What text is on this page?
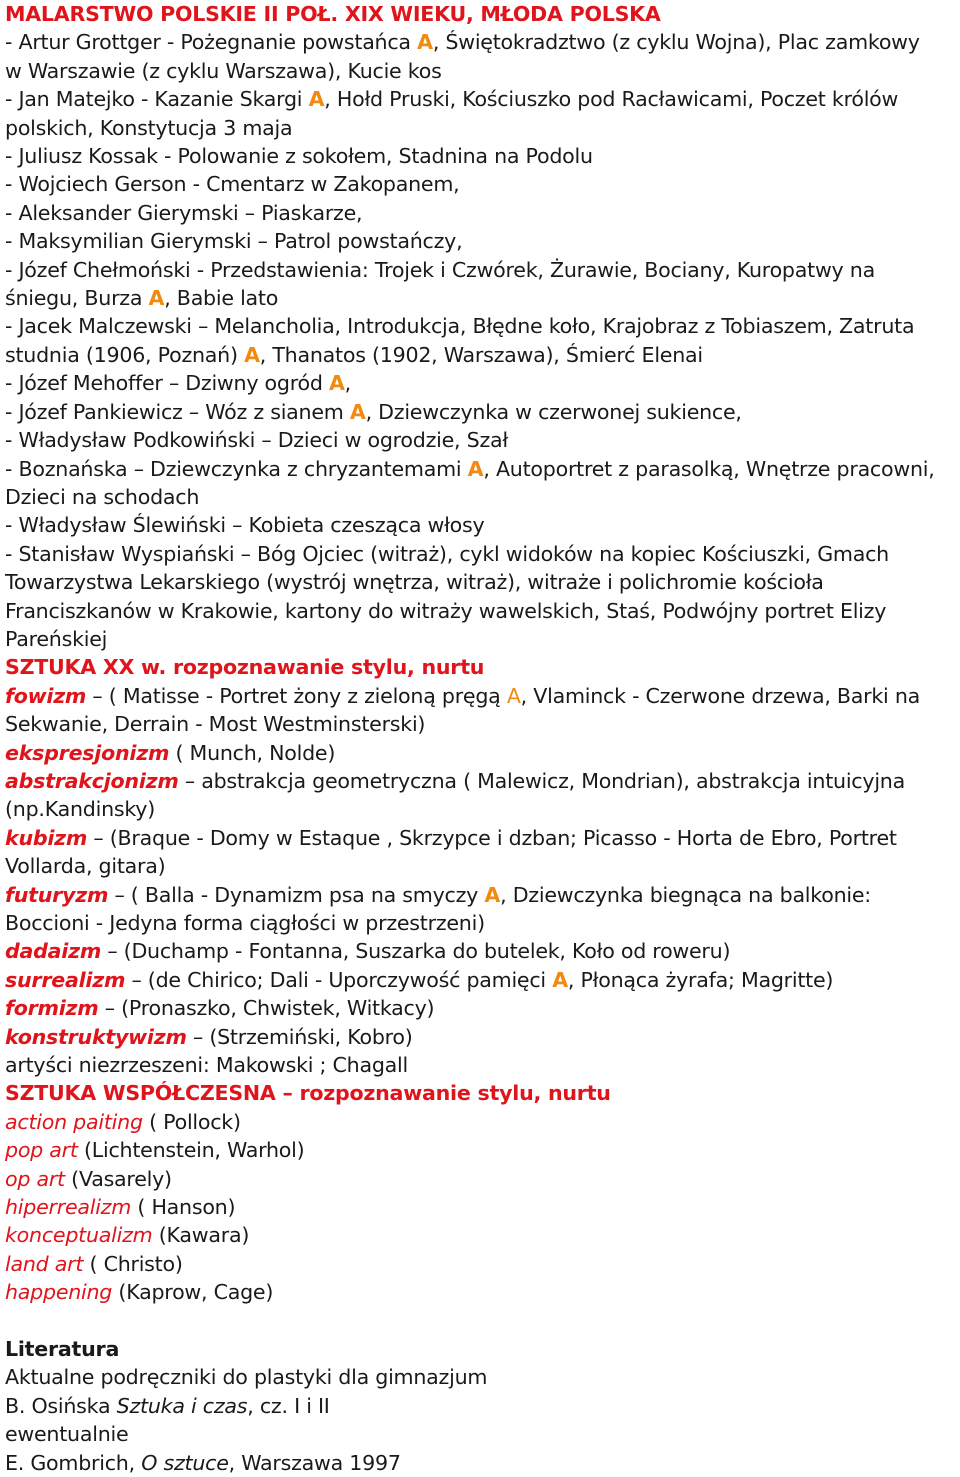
MALARSTWO POLSKIE II POŁ. XIX WIEKU, MŁODA POLSKA
- Artur Grottger - Pożegnanie powstańca A, Świętokradztwo (z cyklu Wojna), Plac zamkowy
w Warszawie (z cyklu Warszawa), Kucie kos
- Jan Matejko - Kazanie Skargi A, Hołd Pruski, Kościuszko pod Racławicami, Poczet królów
polskich, Konstytucja 3 maja
- Juliusz Kossak - Polowanie z sokołem, Stadnina na Podolu
- Wojciech Gerson - Cmentarz w Zakopanem,
- Aleksander Gierymski – Piaskarze,
- Maksymilian Gierymski – Patrol powstańczy,
- Józef Chełmoński - Przedstawienia: Trojek i Czwórek, Żurawie, Bociany, Kuropatwy na
śniegu, Burza A, Babie lato
- Jacek Malczewski – Melancholia, Introdukcja, Błędne koło, Krajobraz z Tobiaszem, Zatruta
studnia (1906, Poznań) A, Thanatos (1902, Warszawa), Śmierć Elenai
- Józef Mehoffer – Dziwny ogród A,
- Józef Pankiewicz – Wóz z sianem A, Dziewczynka w czerwonej sukience,
- Władysław Podkowiński – Dzieci w ogrodzie, Szał
- Boznańska – Dziewczynka z chryzantemami A, Autoportret z parasolką, Wnętrze pracowni,
Dzieci na schodach
- Władysław Ślewiński – Kobieta czesząca włosy
- Stanisław Wyspiański – Bóg Ojciec (witraż), cykl widoków na kopiec Kościuszki, Gmach
Towarzystwa Lekarskiego (wystrój wnętrza, witraż), witraże i polichromie kościoła
Franciszkanów w Krakowie, kartony do witraży wawelskich, Staś, Podwójny portret Elizy
Pareńskiej
SZTUKA XX w. rozpoznawanie stylu, nurtu
fowizm – ( Matisse - Portret żony z zieloną pręgą A, Vlaminck - Czerwone drzewa, Barki na
Sekwanie, Derrain - Most Westminsterski)
ekspresjonizm ( Munch, Nolde)
abstrakcjonizm – abstrakcja geometryczna ( Malewicz, Mondrian), abstrakcja intuicyjna
(np.Kandinsky)
kubizm – (Braque - Domy w Estaque , Skrzypce i dzban; Picasso - Horta de Ebro, Portret
Vollarda, gitara)
futuryzm – ( Balla - Dynamizm psa na smyczy A, Dziewczynka biegnąca na balkonie:
Boccioni - Jedyna forma ciągłości w przestrzeni)
dadaizm – (Duchamp - Fontanna, Suszarka do butelek, Koło od roweru)
surrealizm – (de Chirico; Dali - Uporczywość pamięci A, Płonąca żyrafa; Magritte)
formizm – (Pronaszko, Chwistek, Witkacy)
konstruktywizm – (Strzemiński, Kobro)
artyści niezrzeszeni: Makowski ; Chagall
SZTUKA WSPÓŁCZESNA – rozpoznawanie stylu, nurtu
action paiting ( Pollock)
pop art (Lichtenstein, Warhol)
op art (Vasarely)
hiperrealizm ( Hanson)
konceptualizm (Kawara)
land art ( Christo)
happening (Kaprow, Cage)
Literatura
Aktualne podręczniki do plastyki dla gimnazjum
B. Osińska Sztuka i czas, cz. I i II
ewentualnie
E. Gombrich, O sztuce, Warszawa 1997
